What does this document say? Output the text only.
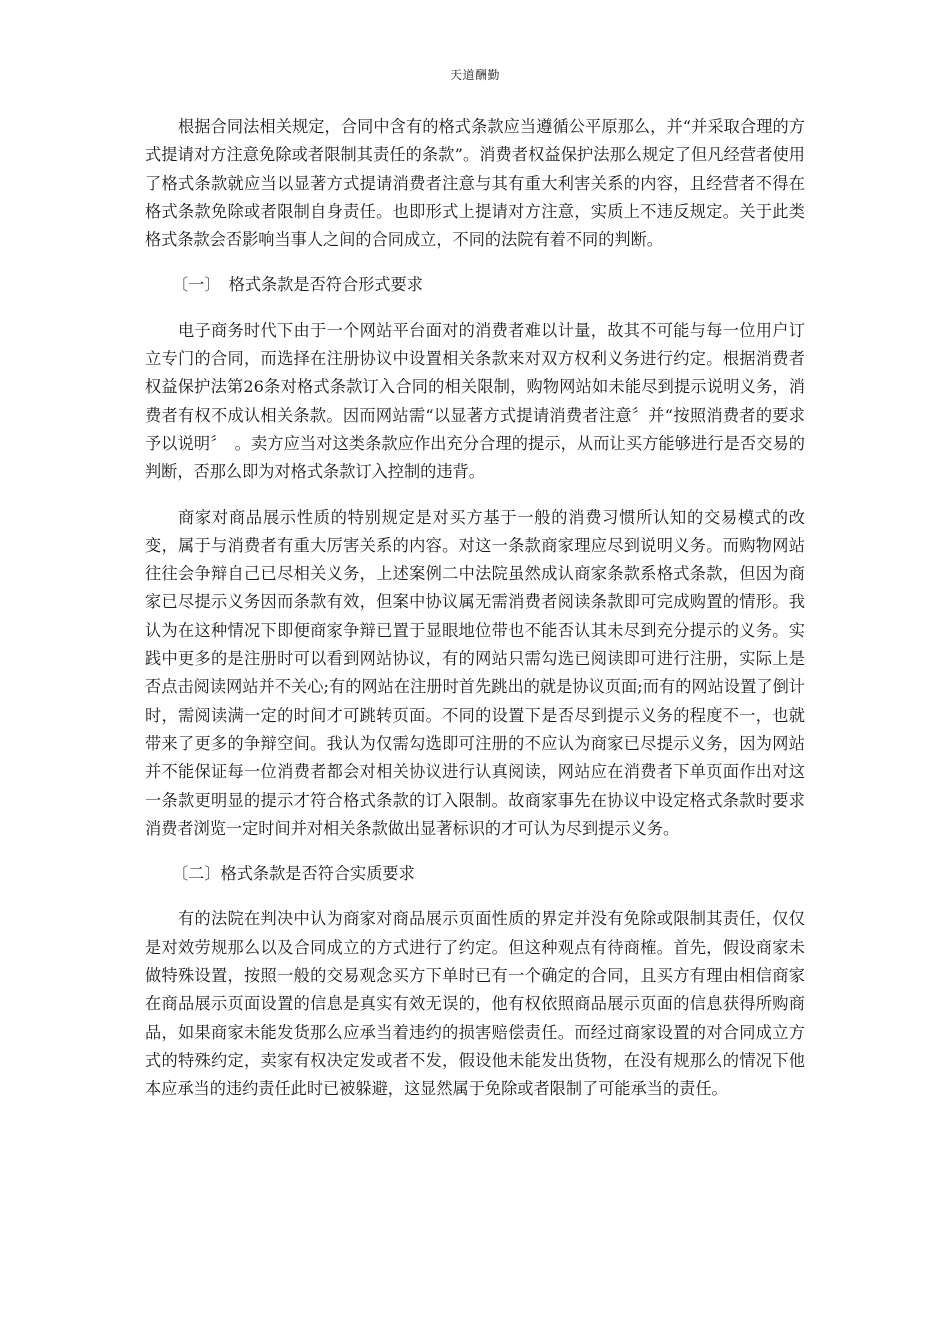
天道酬勤

根据合同法相关规定，合同中含有的格式条款应当遵循公平原那么，并“并采取合理的方式提请对方注意免除或者限制其责任的条款”。消费者权益保护法那么规定了但凡经营者使用了格式条款就应当以显著方式提请消费者注意与其有重大利害关系的内容，且经营者不得在格式条款免除或者限制自身责任。也即形式上提请对方注意，实质上不违反规定。关于此类格式条款会否影响当事人之间的合同成立，不同的法院有着不同的判断。

〔一〕　格式条款是否符合形式要求

电子商务时代下由于一个网站平台面对的消费者难以计量，故其不可能与每一位用户订立专门的合同，而选择在注册协议中设置相关条款来对双方权利义务进行约定。根据消费者权益保护法第26条对格式条款订入合同的相关限制，购物网站如未能尽到提示说明义务，消费者有权不成认相关条款。因而网站需“以显著方式提请消费者注意〞并“按照消费者的要求予以说明〞　。卖方应当对这类条款应作出充分合理的提示，从而让买方能够进行是否交易的判断，否那么即为对格式条款订入控制的违背。

商家对商品展示性质的特别规定是对买方基于一般的消费习惯所认知的交易模式的改变，属于与消费者有重大厉害关系的内容。对这一条款商家理应尽到说明义务。而购物网站往往会争辩自己已尽相关义务，上述案例二中法院虽然成认商家条款系格式条款，但因为商家已尽提示义务因而条款有效，但案中协议属无需消费者阅读条款即可完成购置的情形。我认为在这种情况下即便商家争辩已置于显眼地位带也不能否认其未尽到充分提示的义务。实践中更多的是注册时可以看到网站协议，有的网站只需勾选已阅读即可进行注册，实际上是否点击阅读网站并不关心;有的网站在注册时首先跳出的就是协议页面;而有的网站设置了倒计时，需阅读满一定的时间才可跳转页面。不同的设置下是否尽到提示义务的程度不一，也就带来了更多的争辩空间。我认为仅需勾选即可注册的不应认为商家已尽提示义务，因为网站并不能保证每一位消费者都会对相关协议进行认真阅读，网站应在消费者下单页面作出对这一条款更明显的提示才符合格式条款的订入限制。故商家事先在协议中设定格式条款时要求消费者浏览一定时间并对相关条款做出显著标识的才可认为尽到提示义务。

〔二〕格式条款是否符合实质要求

有的法院在判决中认为商家对商品展示页面性质的界定并没有免除或限制其责任，仅仅是对效劳规那么以及合同成立的方式进行了约定。但这种观点有待商榷。首先，假设商家未做特殊设置，按照一般的交易观念买方下单时已有一个确定的合同，且买方有理由相信商家在商品展示页面设置的信息是真实有效无误的，他有权依照商品展示页面的信息获得所购商品，如果商家未能发货那么应承当着违约的损害赔偿责任。而经过商家设置的对合同成立方式的特殊约定，卖家有权决定发或者不发，假设他未能发出货物，在没有规那么的情况下他本应承当的违约责任此时已被躲避，这显然属于免除或者限制了可能承当的责任。
